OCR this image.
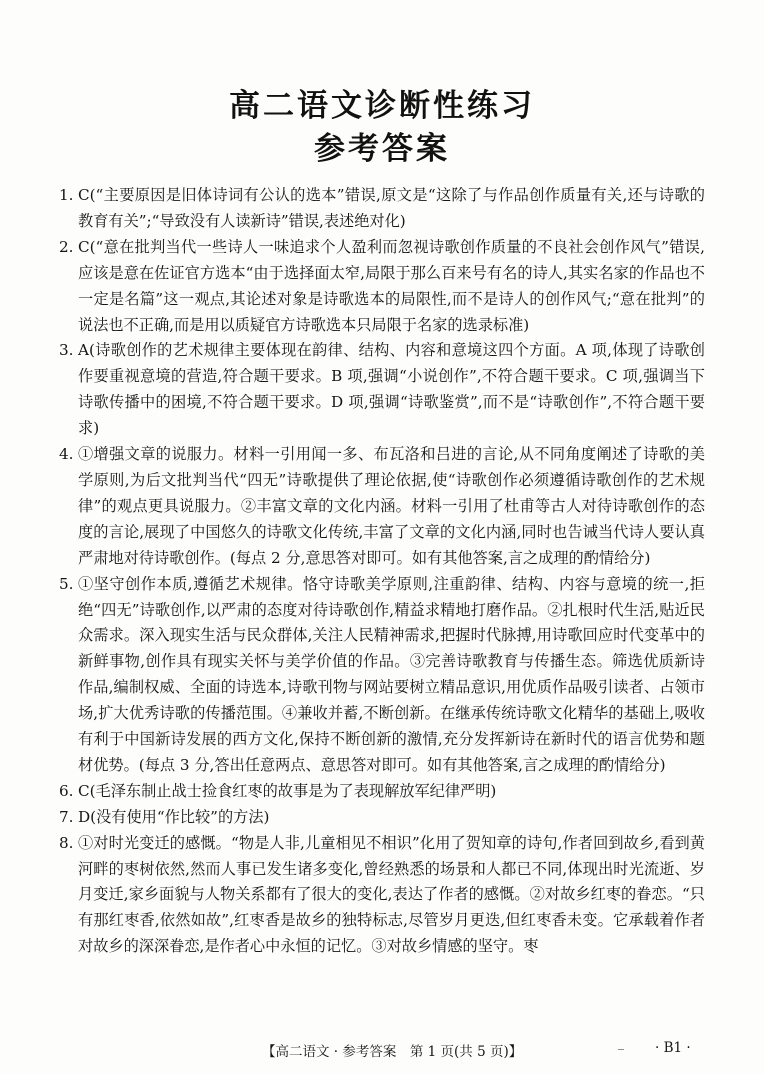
高二语文诊断性练习
参考答案
1. C(“主要原因是旧体诗词有公认的选本”错误,原文是“这除了与作品创作质量有关,还与诗歌的教育有关”;“导致没有人读新诗”错误,表述绝对化)
2. C(“意在批判当代一些诗人一味追求个人盈利而忽视诗歌创作质量的不良社会创作风气”错误,应该是意在佐证官方选本“由于选择面太窄,局限于那么百来号有名的诗人,其实名家的作品也不一定是名篇”这一观点,其论述对象是诗歌选本的局限性,而不是诗人的创作风气;“意在批判”的说法也不正确,而是用以质疑官方诗歌选本只局限于名家的选录标准)
3. A(诗歌创作的艺术规律主要体现在韵律、结构、内容和意境这四个方面。A 项,体现了诗歌创作要重视意境的营造,符合题干要求。B 项,强调“小说创作”,不符合题干要求。C 项,强调当下诗歌传播中的困境,不符合题干要求。D 项,强调“诗歌鉴赏”,而不是“诗歌创作”,不符合题干要求)
4. ①增强文章的说服力。材料一引用闻一多、布瓦洛和吕进的言论,从不同角度阐述了诗歌的美学原则,为后文批判当代“四无”诗歌提供了理论依据,使“诗歌创作必须遵循诗歌创作的艺术规律”的观点更具说服力。②丰富文章的文化内涵。材料一引用了杜甫等古人对待诗歌创作的态度的言论,展现了中国悠久的诗歌文化传统,丰富了文章的文化内涵,同时也告诫当代诗人要认真严肃地对待诗歌创作。(每点 2 分,意思答对即可。如有其他答案,言之成理的酌情给分)
5. ①坚守创作本质,遵循艺术规律。恪守诗歌美学原则,注重韵律、结构、内容与意境的统一,拒绝“四无”诗歌创作,以严肃的态度对待诗歌创作,精益求精地打磨作品。②扎根时代生活,贴近民众需求。深入现实生活与民众群体,关注人民精神需求,把握时代脉搏,用诗歌回应时代变革中的新鲜事物,创作具有现实关怀与美学价值的作品。③完善诗歌教育与传播生态。筛选优质新诗作品,编制权威、全面的诗选本,诗歌刊物与网站要树立精品意识,用优质作品吸引读者、占领市场,扩大优秀诗歌的传播范围。④兼收并蓄,不断创新。在继承传统诗歌文化精华的基础上,吸收有利于中国新诗发展的西方文化,保持不断创新的激情,充分发挥新诗在新时代的语言优势和题材优势。(每点 3 分,答出任意两点、意思答对即可。如有其他答案,言之成理的酌情给分)
6. C(毛泽东制止战士捡食红枣的故事是为了表现解放军纪律严明)
7. D(没有使用“作比较”的方法)
8. ①对时光变迁的感慨。“物是人非,儿童相见不相识”化用了贺知章的诗句,作者回到故乡,看到黄河畔的枣树依然,然而人事已发生诸多变化,曾经熟悉的场景和人都已不同,体现出时光流逝、岁月变迁,家乡面貌与人物关系都有了很大的变化,表达了作者的感慨。②对故乡红枣的眷恋。“只有那红枣香,依然如故”,红枣香是故乡的独特标志,尽管岁月更迭,但红枣香未变。它承载着作者对故乡的深深眷恋,是作者心中永恒的记忆。③对故乡情感的坚守。枣
【高二语文 · 参考答案　第 1 页(共 5 页)】
_ · B1 ·
